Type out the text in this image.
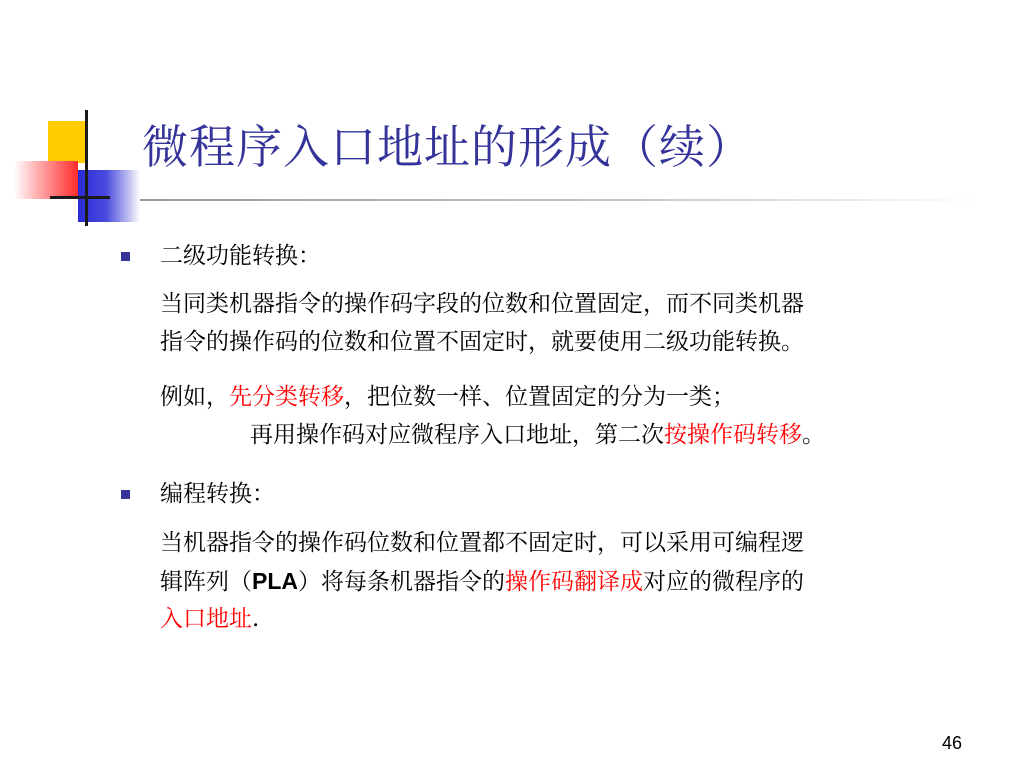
微程序入口地址的形成（续）
二级功能转换：
当同类机器指令的操作码字段的位数和位置固定，而不同类机器
指令的操作码的位数和位置不固定时，就要使用二级功能转换。
例如，先分类转移，把位数一样、位置固定的分为一类；
再用操作码对应微程序入口地址，第二次按操作码转移。
编程转换：
当机器指令的操作码位数和位置都不固定时，可以采用可编程逻
辑阵列（PLA）将每条机器指令的操作码翻译成对应的微程序的
入口地址.
46
